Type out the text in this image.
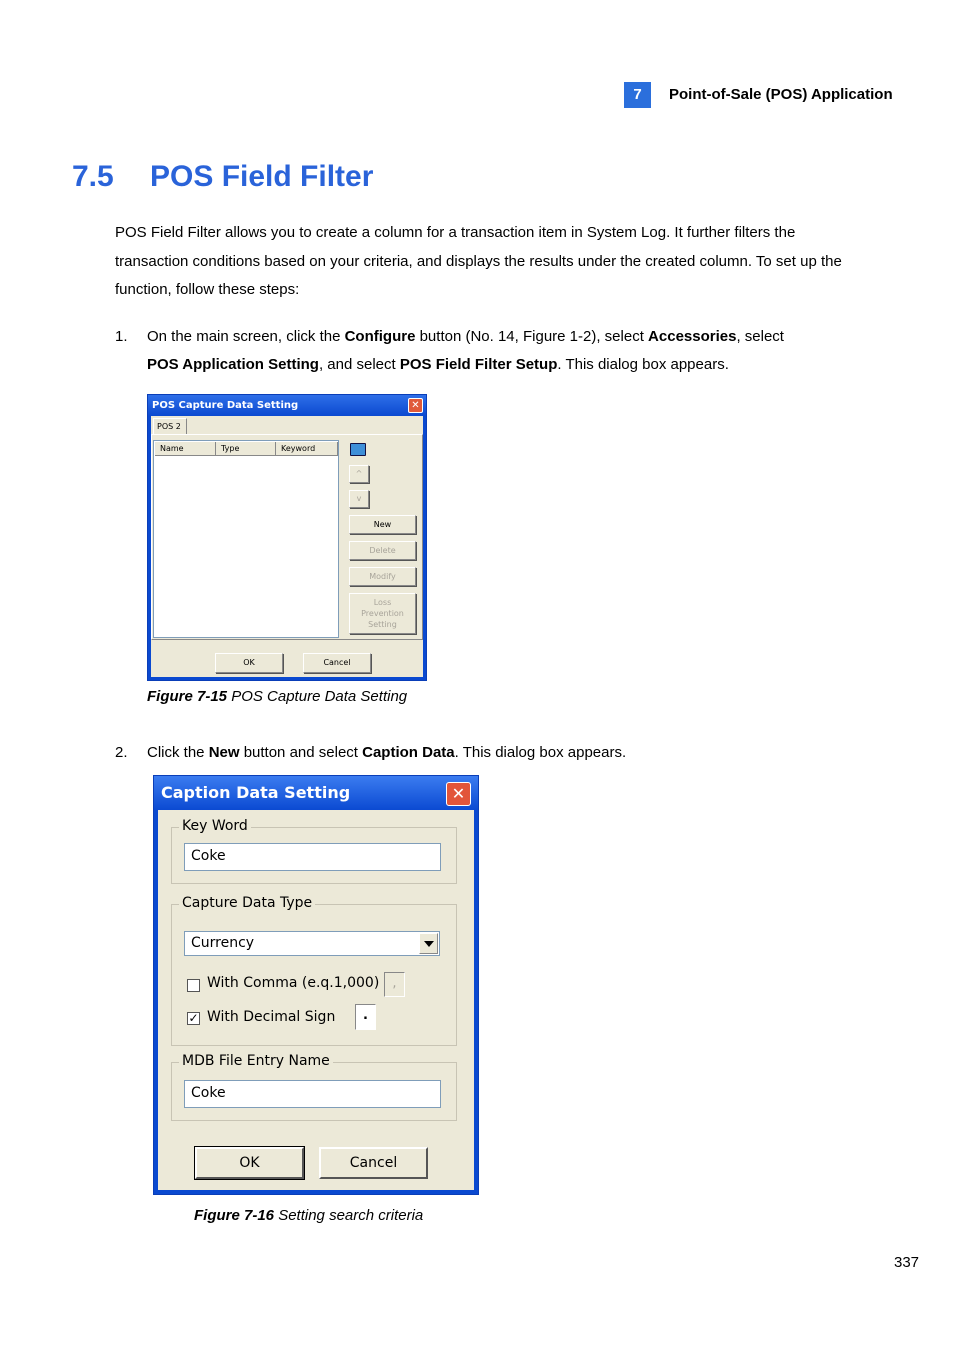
7	Point-of-Sale (POS) Application
7.5 POS Field Filter
POS Field Filter allows you to create a column for a transaction item in System Log. It further filters the transaction conditions based on your criteria, and displays the results under the created column. To set up the function, follow these steps:
1. On the main screen, click the Configure button (No. 14, Figure 1-2), select Accessories, select
POS Application Setting, and select POS Field Filter Setup. This dialog box appears.
POS Capture Data Setting	✕
POS 2
Name	Type	Keyword
^
v
New
Delete
Modify
Loss
Prevention
Setting
OK	Cancel
Figure 7-15 POS Capture Data Setting
2. Click the New button and select Caption Data. This dialog box appears.
Caption Data Setting	✕
Key Word
Coke
Capture Data Type
Currency
With Comma (e.q.1,000)	,
✓ With Decimal Sign	.
MDB File Entry Name
Coke
OK	Cancel
Figure 7-16 Setting search criteria
337
